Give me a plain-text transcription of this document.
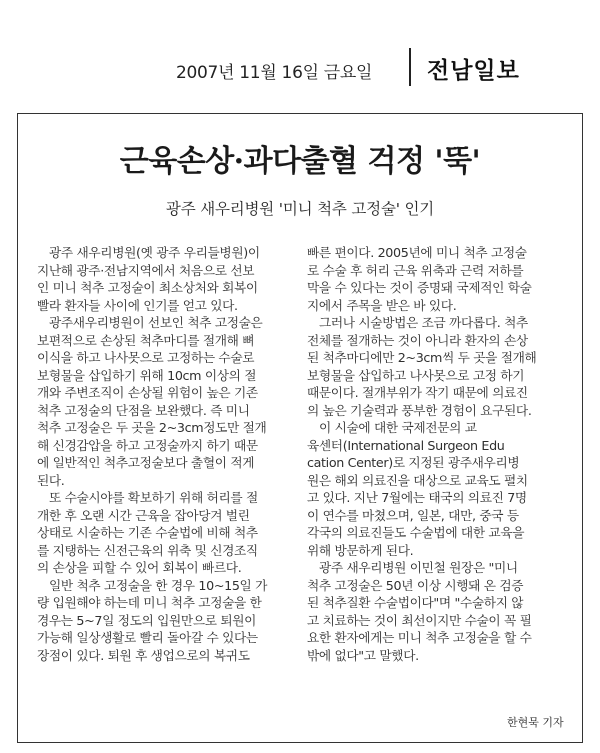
2007년 11월 16일 금요일 전남일보
근육손상·과다출혈 걱정 '뚝'
광주 새우리병원 '미니 척추 고정술' 인기
광주 새우리병원(옛 광주 우리들병원)이
지난해 광주·전남지역에서 처음으로 선보
인 미니 척추 고정술이 최소상처와 회복이
빨라 환자들 사이에 인기를 얻고 있다.
광주새우리병원이 선보인 척추 고정술은
보편적으로 손상된 척추마디를 절개해 뼈
이식을 하고 나사못으로 고정하는 수술로
보형물을 삽입하기 위해 10cm 이상의 절
개와 주변조직이 손상될 위험이 높은 기존
척추 고정술의 단점을 보완했다. 즉 미니
척추 고정술은 두 곳을 2~3cm정도만 절개
해 신경감압을 하고 고정술까지 하기 때문
에 일반적인 척추고정술보다 출혈이 적게
된다.
또 수술시야를 확보하기 위해 허리를 절
개한 후 오랜 시간 근육을 잡아당겨 벌린
상태로 시술하는 기존 수술법에 비해 척추
를 지탱하는 신전근육의 위축 및 신경조직
의 손상을 피할 수 있어 회복이 빠르다.
일반 척추 고정술을 한 경우 10~15일 가
량 입원해야 하는데 미니 척추 고정술을 한
경우는 5~7일 정도의 입원만으로 퇴원이
가능해 일상생활로 빨리 돌아갈 수 있다는
장점이 있다. 퇴원 후 생업으로의 복귀도
빠른 편이다. 2005년에 미니 척추 고정술
로 수술 후 허리 근육 위축과 근력 저하를
막을 수 있다는 것이 증명돼 국제적인 학술
지에서 주목을 받은 바 있다.
그러나 시술방법은 조금 까다롭다. 척추
전체를 절개하는 것이 아니라 환자의 손상
된 척추마디에만 2~3cm씩 두 곳을 절개해
보형물을 삽입하고 나사못으로 고정 하기
때문이다. 절개부위가 작기 때문에 의료진
의 높은 기술력과 풍부한 경험이 요구된다.
이 시술에 대한 국제전문의 교
육센터(International Surgeon Edu
cation Center)로 지정된 광주새우리병
원은 해외 의료진을 대상으로 교육도 펼치
고 있다. 지난 7월에는 태국의 의료진 7명
이 연수를 마쳤으며, 일본, 대만, 중국 등
각국의 의료진들도 수술법에 대한 교육을
위해 방문하게 된다.
광주 새우리병원 이민철 원장은 "미니
척추 고정술은 50년 이상 시행돼 온 검증
된 척추질환 수술법이다"며 "수술하지 않
고 치료하는 것이 최선이지만 수술이 꼭 필
요한 환자에게는 미니 척추 고정술을 할 수
밖에 없다"고 말했다.
한현묵 기자
